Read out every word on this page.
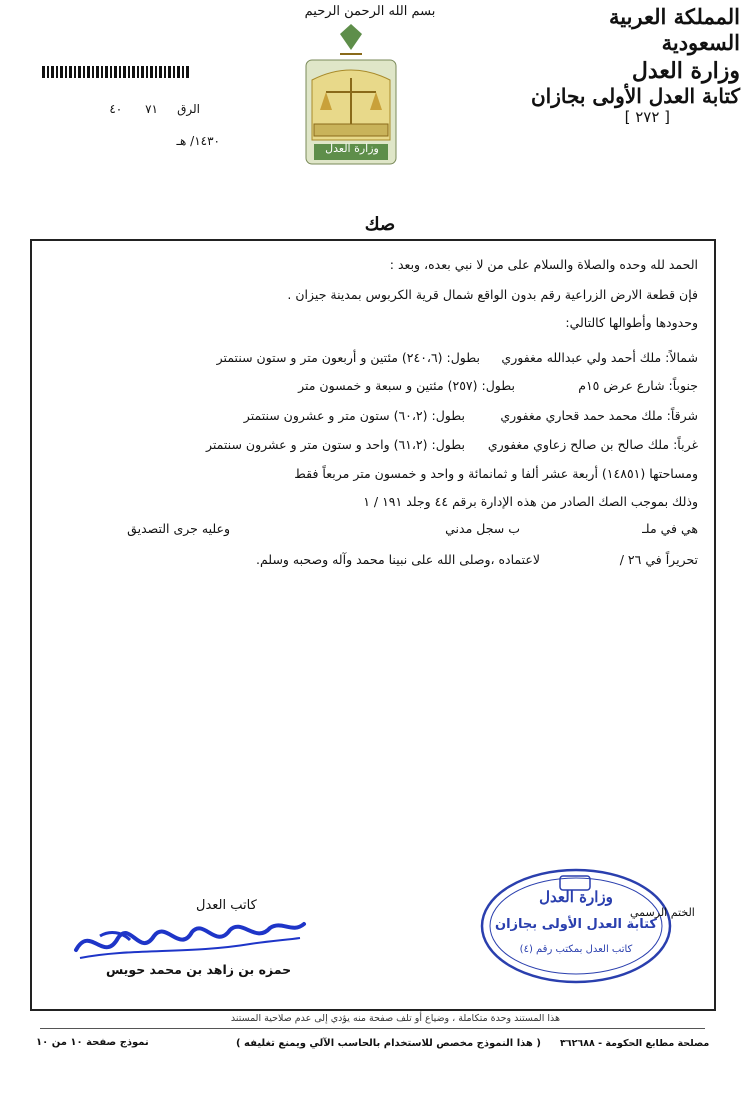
المملكة العربية السعودية
وزارة العدل
كتابة العدل الأولى بجازان
[ ٢٧٢ ]
بسم الله الرحمن الرحيم
وزارة العدل
الرق     ٧١      ٤٠
١٤٣٠/ هـ
صك
الحمد لله وحده والصلاة والسلام على من لا نبي بعده، وبعد :
فإن قطعة الارض الزراعية رقم بدون الواقع شمال قرية الكربوس بمدينة جيزان .
وحدودها وأطوالها كالتالي:
شمالاً: ملك أحمد ولي عبدالله مغفوري
بطول: (٢٤٠،٦) مئتين و أربعون متر و ستون سنتمتر
جنوباً: شارع عرض ١٥م
بطول: (٢٥٧) مئتين و سبعة و خمسون متر
شرقاً: ملك محمد حمد قحاري مغفوري
بطول: (٦٠،٢) ستون متر و عشرون سنتمتر
غرباً: ملك صالح بن صالح زعاوي مغفوري
بطول: (٦١،٢) واحد و ستون متر و عشرون سنتمتر
ومساحتها (١٤٨٥١) أربعة عشر ألفا و ثمانمائة و واحد و خمسون متر مربعاً فقط
وذلك بموجب الصك الصادر من هذه الإدارة برقم ٤٤ وجلد ١٩١ / ١
هي في ملـ
ب سجل مدني
وعليه جرى التصديق
تحريراً في ٢٦ /
لاعتماده ،وصلى الله على نبينا محمد وآله وصحبه وسلم.
وزارة العدل
كتابة العدل الأولى بجازان
كاتب العدل بمكتب رقم (٤)
الختم الرسمي
كاتب العدل
حمزه بن زاهد بن محمد حويس
هذا المستند وحدة متكاملة ، وضياع أو تلف صفحة منه يؤدي إلى عدم صلاحية المستند
نموذج صفحة ١٠ من ١٠	( هذا النموذج مخصص للاستخدام بالحاسب الآلي ويمنع تغليفه ) مصلحة مطابع الحكومة - ٣٦٢٦٨٨
